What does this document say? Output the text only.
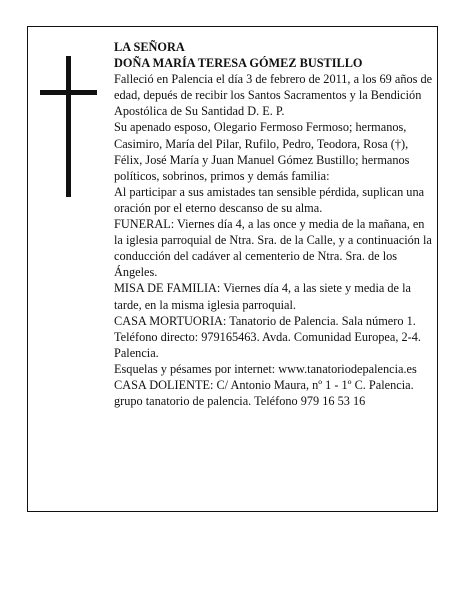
LA SEÑORA

DOÑA MARÍA TERESA GÓMEZ BUSTILLO

Falleció en Palencia el día 3 de febrero de 2011, a los 69 años de edad, depués de recibir los Santos Sacramentos y la Bendición Apostólica de Su Santidad D. E. P.

Su apenado esposo, Olegario Fermoso Fermoso; hermanos, Casimiro, María del Pilar, Rufilo, Pedro, Teodora, Rosa (†), Félix, José María y Juan Manuel Gómez Bustillo; hermanos políticos, sobrinos, primos y demás familia:

Al participar a sus amistades tan sensible pérdida, suplican una oración por el eterno descanso de su alma.

FUNERAL: Viernes día 4, a las once y media de la mañana, en la iglesia parroquial de Ntra. Sra. de la Calle, y a continuación la conducción del cadáver al cementerio de Ntra. Sra. de los Ángeles.

MISA DE FAMILIA: Viernes día 4, a las siete y media de la tarde, en la misma iglesia parroquial.

CASA MORTUORIA: Tanatorio de Palencia. Sala número 1. Teléfono directo: 979165463. Avda. Comunidad Europea, 2-4. Palencia.

Esquelas y pésames por internet: www.tanatoriodepalencia.es

CASA DOLIENTE: C/ Antonio Maura, nº 1 - 1º C. Palencia.

grupo tanatorio de palencia. Teléfono 979 16 53 16
